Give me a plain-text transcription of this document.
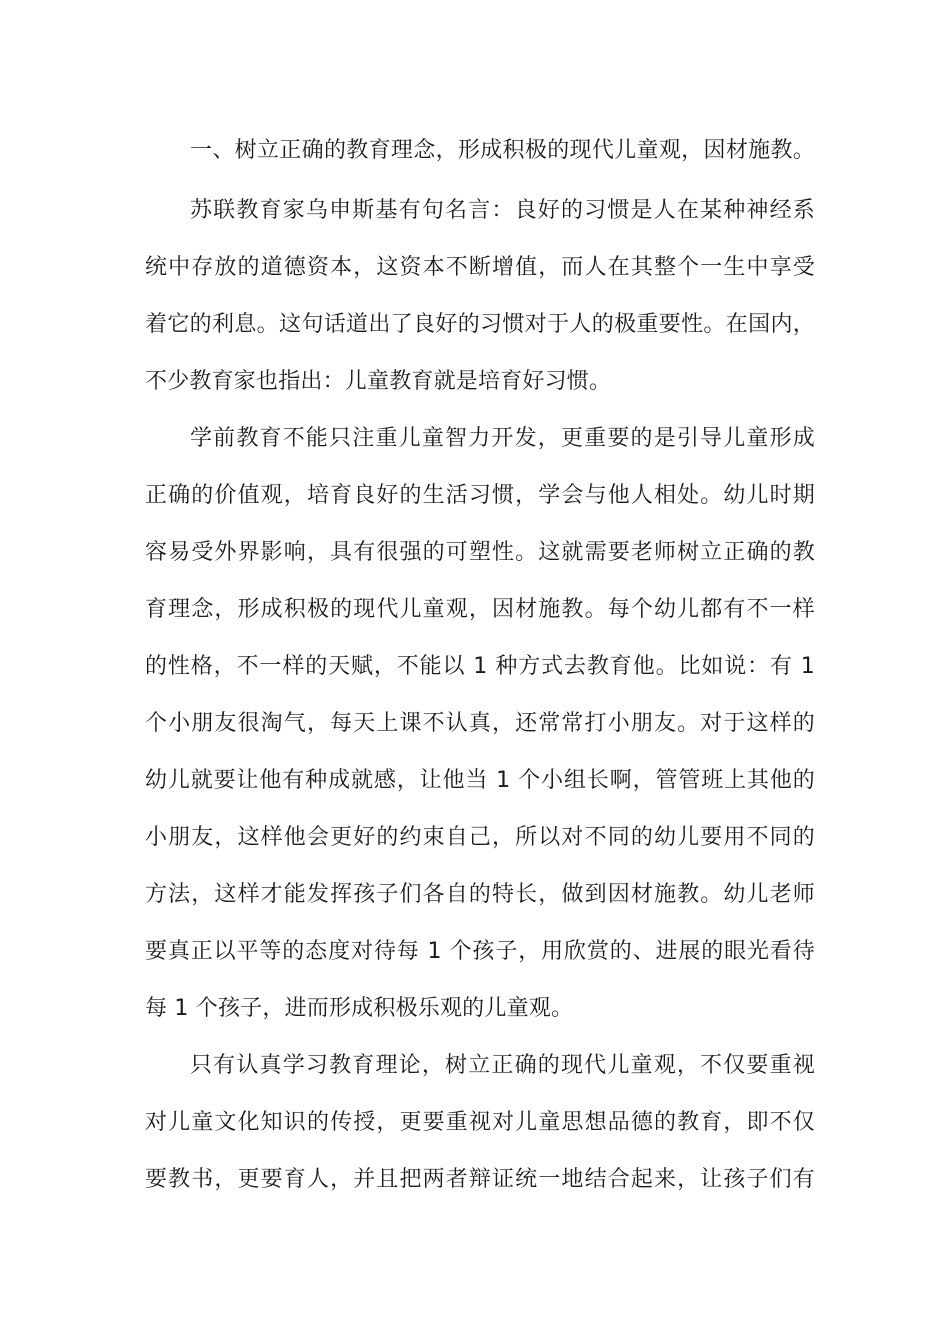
一、树立正确的教育理念，形成积极的现代儿童观，因材施教。
苏联教育家乌申斯基有句名言：良好的习惯是人在某种神经系
统中存放的道德资本，这资本不断增值，而人在其整个一生中享受
着它的利息。这句话道出了良好的习惯对于人的极重要性。在国内，
不少教育家也指出：儿童教育就是培育好习惯。
学前教育不能只注重儿童智力开发，更重要的是引导儿童形成
正确的价值观，培育良好的生活习惯，学会与他人相处。幼儿时期
容易受外界影响，具有很强的可塑性。这就需要老师树立正确的教
育理念，形成积极的现代儿童观，因材施教。每个幼儿都有不一样
的性格，不一样的天赋，不能以 1 种方式去教育他。比如说：有 1
个小朋友很淘气，每天上课不认真，还常常打小朋友。对于这样的
幼儿就要让他有种成就感，让他当 1 个小组长啊，管管班上其他的
小朋友，这样他会更好的约束自己，所以对不同的幼儿要用不同的
方法，这样才能发挥孩子们各自的特长，做到因材施教。幼儿老师
要真正以平等的态度对待每 1 个孩子，用欣赏的、进展的眼光看待
每 1 个孩子，进而形成积极乐观的儿童观。
只有认真学习教育理论，树立正确的现代儿童观，不仅要重视
对儿童文化知识的传授，更要重视对儿童思想品德的教育，即不仅
要教书，更要育人，并且把两者辩证统一地结合起来，让孩子们有
